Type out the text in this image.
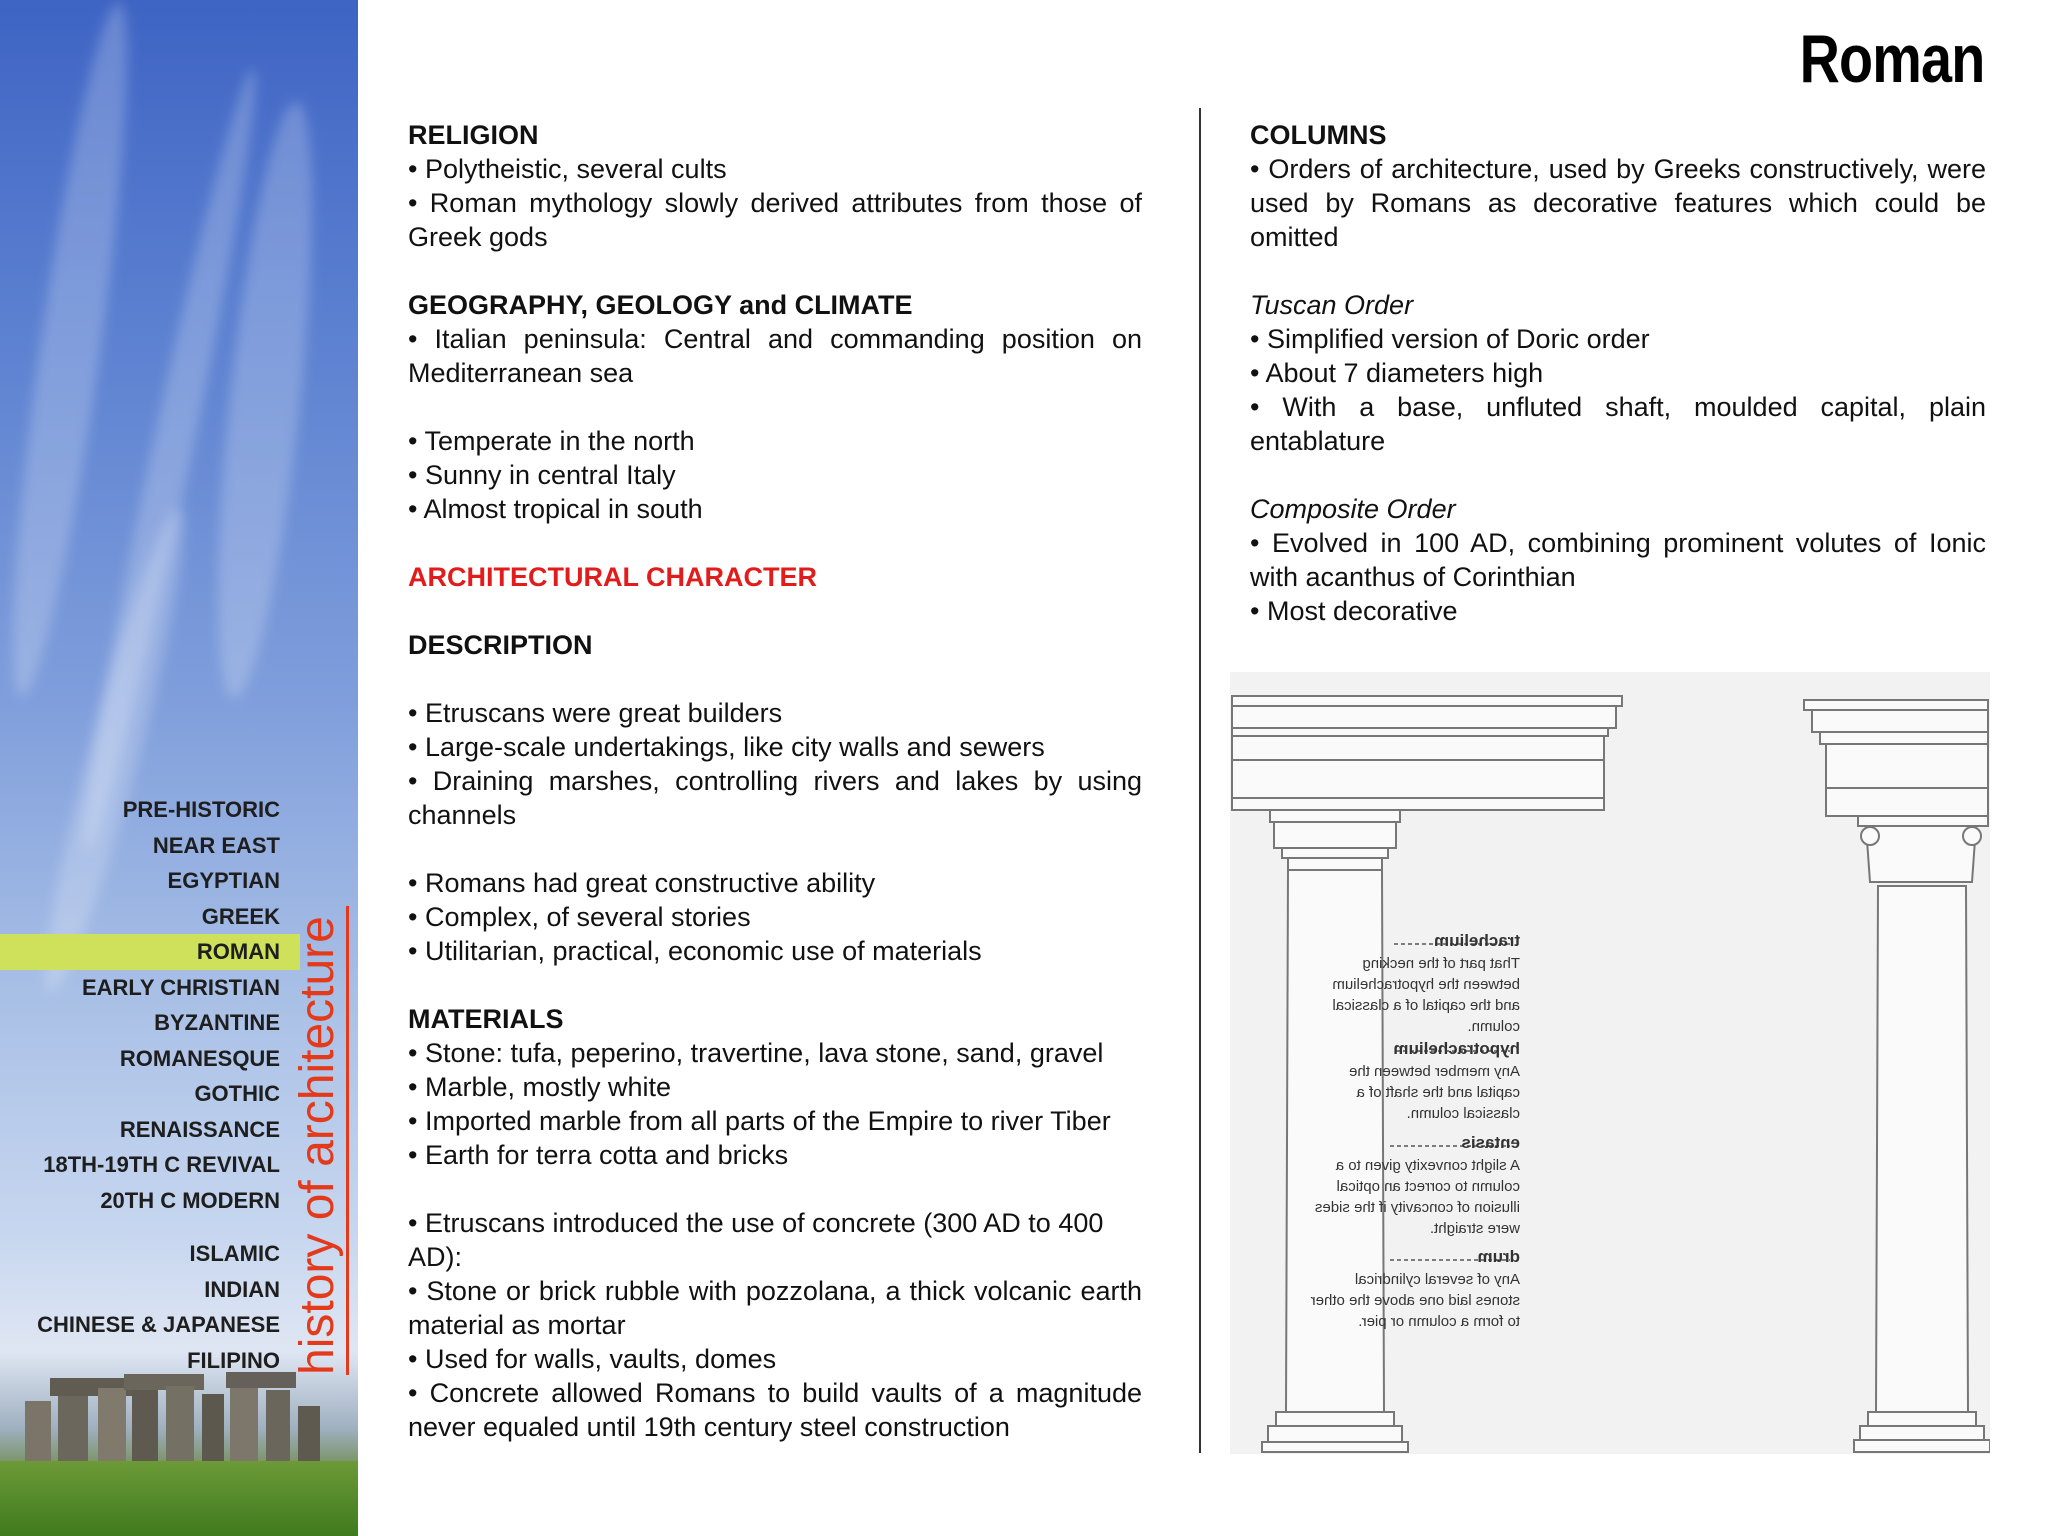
PRE-HISTORIC
NEAR EAST
EGYPTIAN
GREEK
ROMAN
EARLY CHRISTIAN
BYZANTINE
ROMANESQUE
GOTHIC
RENAISSANCE
18TH-19TH C REVIVAL
20TH C MODERN
ISLAMIC
INDIAN
CHINESE & JAPANESE
FILIPINO history of architecture
Roman

RELIGION

• Polytheistic, several cults

• Roman mythology slowly derived attributes from those of Greek gods

GEOGRAPHY, GEOLOGY and CLIMATE

• Italian peninsula: Central and commanding position on Mediterranean sea

• Temperate in the north

• Sunny in central Italy

• Almost tropical in south

ARCHITECTURAL CHARACTER

DESCRIPTION

• Etruscans were great builders

• Large-scale undertakings, like city walls and sewers

• Draining marshes, controlling rivers and lakes by using channels

• Romans had great constructive ability

• Complex, of several stories

• Utilitarian, practical, economic use of materials

MATERIALS

• Stone: tufa, peperino, travertine, lava stone, sand, gravel

• Marble, mostly white

• Imported marble from all parts of the Empire to river Tiber

• Earth for terra cotta and bricks

• Etruscans introduced the use of concrete (300 AD to 400 AD):

• Stone or brick rubble with pozzolana, a thick volcanic earth material as mortar

• Used for walls, vaults, domes

• Concrete allowed Romans to build vaults of a magnitude never equaled until 19th century steel construction

COLUMNS

• Orders of architecture, used by Greeks constructively, were used by Romans as decorative features which could be omitted

Tuscan Order

• Simplified version of Doric order

• About 7 diameters high

• With a base, unfluted shaft, moulded capital, plain entablature

Composite Order

• Evolved in 100 AD, combining prominent volutes of Ionic with acanthus of Corinthian

• Most decorative

trachelium
That part of the necking
between the hypotrachelium
and the capital of a classical
column.
hypotrachelium
Any member between the
capital and the shaft of a
classical column.
entasis
A slight convexity given to a
column to correct an optical
illusion of concavity if the sides
were straight.
drum
Any of several cylindrical
stones laid one above the other
to form a column or pier.
